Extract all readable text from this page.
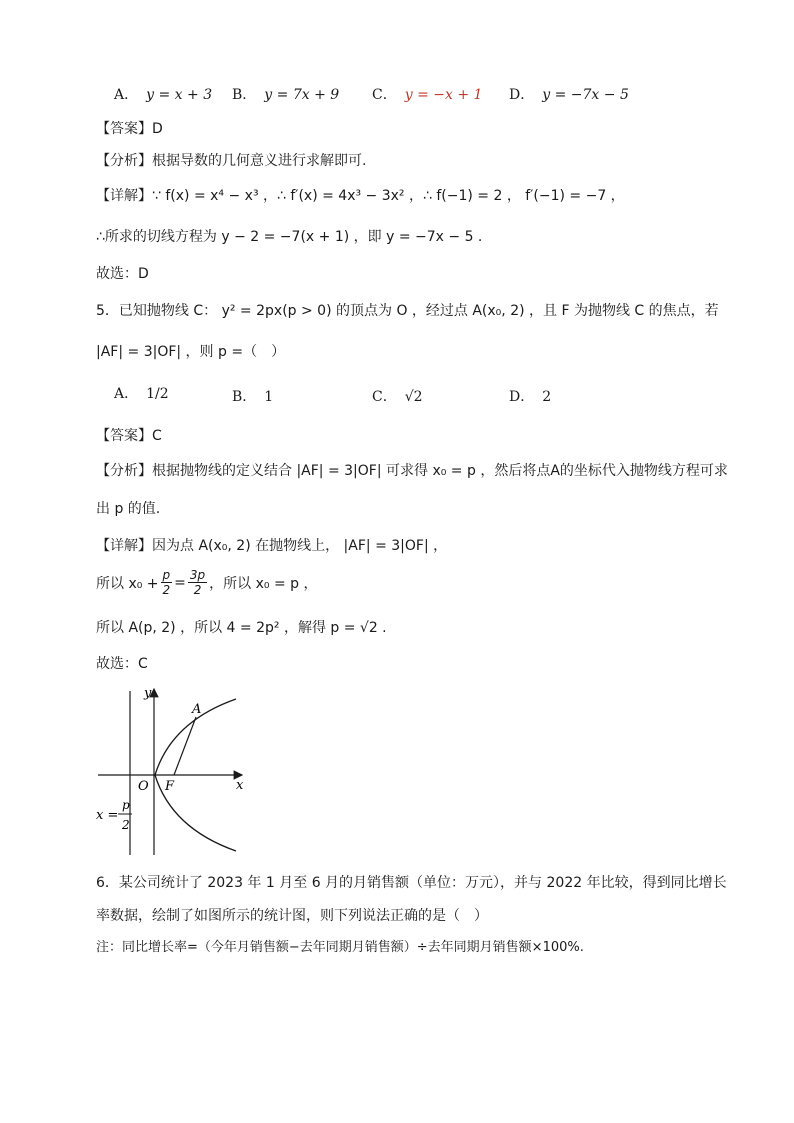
A． y = x + 3 B． y = 7x + 9 C． y = −x + 1 D． y = −7x − 5
【答案】D
【分析】根据导数的几何意义进行求解即可.
【详解】∵ f(x) = x⁴ − x³ ，∴ f′(x) = 4x³ − 3x² ，∴ f(−1) = 2 ， f′(−1) = −7 ，
∴所求的切线方程为 y − 2 = −7(x + 1) ，即 y = −7x − 5 .
故选：D
5．已知抛物线 C： y² = 2px(p > 0) 的顶点为 O ，经过点 A(x₀, 2) ，且 F 为抛物线 C 的焦点，若
|AF| = 3|OF| ，则 p =（　）
A． 1/2	B． 1	C． √2	D． 2
【答案】C
【分析】根据抛物线的定义结合 |AF| = 3|OF| 可求得 x₀ = p ，然后将点A的坐标代入抛物线方程可求
出 p 的值.
【详解】因为点 A(x₀, 2) 在抛物线上， |AF| = 3|OF| ，
所以 $x_0 + \frac{p}{2} = \frac{3p}{2}$ ，所以 x₀ = p ，
所以 A(p, 2) ，所以 4 = 2p² ，解得 p = √2 .
故选：C
y
x
A
O F
x =
p
2
6．某公司统计了 2023 年 1 月至 6 月的月销售额（单位：万元），并与 2022 年比较，得到同比增长
率数据，绘制了如图所示的统计图，则下列说法正确的是（　）
注：同比增长率=（今年月销售额−去年同期月销售额）÷去年同期月销售额×100%.
